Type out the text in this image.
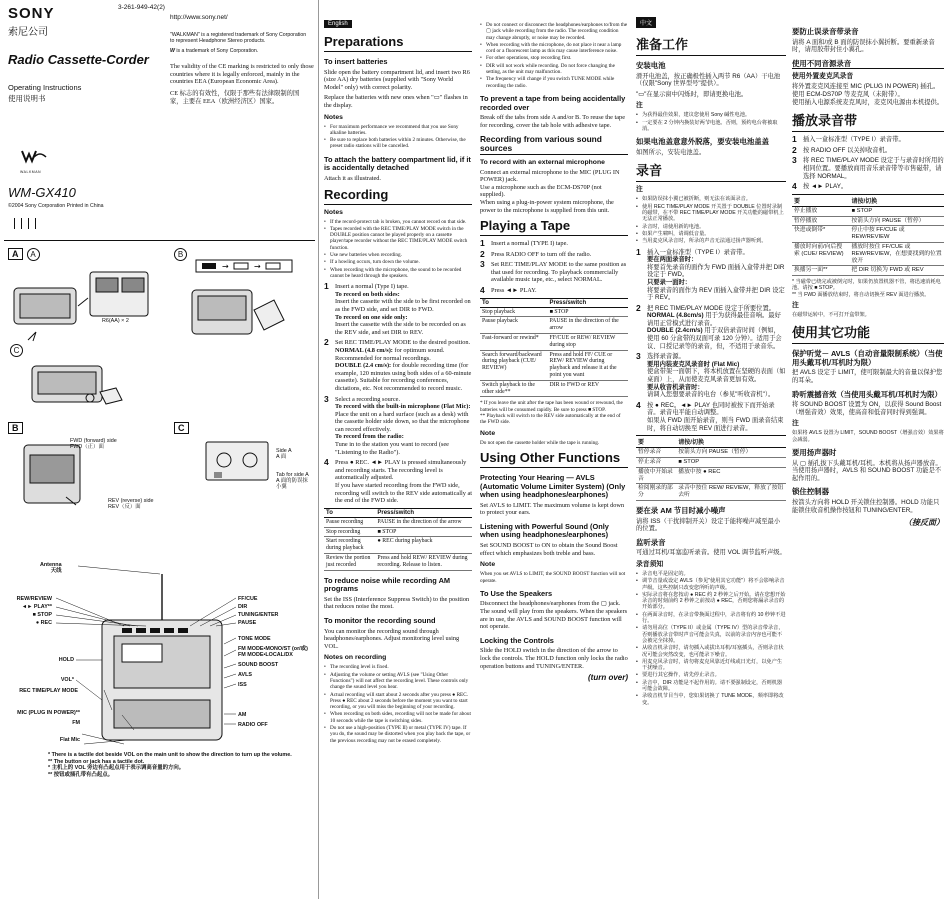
SONY
索尼公司
Radio Cassette-Corder
Operating Instructions
使用说明书
WALKMAN
WM-GX410
©2004 Sony Corporation Printed in China
3-261-949-42(2)
http://www.sony.net/
"WALKMAN" is a registered trademark of Sony Corporation to represent Headphone Stereo products.
W is a trademark of Sony Corporation.
The validity of the CE marking is restricted to only those countries where it is legally enforced, mainly in the countries EEA (European Economic Area).
CE 标志的有效性，仅限于那些有法律限制的国家，主要在 EEA（欧洲经济区）国家。
A A
R6(AA) × 2
B
→	→
C
B
FWD (forward) side
FWD（正）面
REV (reverse) side
REV（反）面
C
Side A
A 面
Tab for side A
A 面的防误抹
小翼
Antenna
天线
REW/REVIEW
◄► PLAY**
■ STOP
● REC
HOLD
VOL*
REC TIME/PLAY MODE
MIC (PLUG IN POWER)**
FM
Flat Mic
FF/CUE
DIR
TUNING/ENTER
PAUSE
TONE MODE
FM MODE•MONO/ST (or/或) FM MODE•LOCAL/DX
SOUND BOOST
AVLS
ISS
AM
RADIO OFF
* There is a tactile dot beside VOL on the main unit to show the direction to turn up the volume.
** The button or jack has a tactile dot.
* 主机上的 VOL 旁边有凸起点用于表示调高音量的方向。
** 按钮或插孔带有凸起点。
English
Preparations
To insert batteries

Slide open the battery compartment lid, and insert two R6 (size AA) dry batteries (supplied with "Sony World Model" only) with correct polarity.

Replace the batteries with new ones when "▭" flashes in the display.

Notes
• For maximum performance we recommend that you use Sony alkaline batteries.
• Be sure to replace both batteries within 2 minutes. Otherwise, the preset radio stations will be cancelled.
To attach the battery compartment lid, if it is accidentally detached

Attach it as illustrated.

Recording
Notes
• If the record-protect tab is broken, you cannot record on that side.
• Tapes recorded with the REC TIME/PLAY MODE switch in the DOUBLE position cannot be played properly on a cassette player/tape recorder without the REC TIME/PLAY MODE switch function.
• Use new batteries when recording.
• If a howling occurs, turn down the volume.
• When recording with the microphone, the sound to be recorded cannot be heard through the speakers.
1 Insert a normal (Type I) tape.
To record on both sides:
Insert the cassette with the side to be first recorded on as the FWD side, and set DIR to FWD.
To record on one side only:
Insert the cassette with the side to be recorded on as the REV side, and set DIR to REV.
2 Set REC TIME/PLAY MODE to the desired position.
NORMAL (4.8 cm/s): for optimum sound. Recommended for normal recordings.
DOUBLE (2.4 cm/s): for double recording time (for example, 120 minutes using both sides of a 60-minute cassette). Suitable for recording conferences, dictations, etc. Not recommended to record music.
3 Select a recording source.
To record with the built-in microphone (Flat Mic):
Place the unit on a hard surface (such as a desk) with the cassette holder side down, so that the microphone can record effectively.
To record from the radio:
Tune in to the station you want to record (see "Listening to the Radio").
4 Press ● REC. ◄► PLAY is pressed simultaneously and recording starts. The recording level is automatically adjusted.
If you have started recording from the FWD side, recording will switch to the REV side automatically at the end of the FWD side.
To	Press/switch
Pause recording	PAUSE in the direction of the arrow
Stop recording	■ STOP
Start recording during playback	● REC during playback
Review the portion just recorded	Press and hold REW/ REVIEW during recording. Release to listen.
To reduce noise while recording AM programs

Set the ISS (Interference Suppress Switch) to the position that reduces noise the most.

To monitor the recording sound

You can monitor the recording sound through headphones/earphones. Adjust monitoring level using VOL.

Notes on recording
• The recording level is fixed.
• Adjusting the volume or setting AVLS (see "Using Other Functions") will not affect the recording level. These controls only change the sound level you hear.
• Actual recording will start about 2 seconds after you press ● REC. Press ● REC about 2 seconds before the moment you want to start recording, or you will miss the beginning of your recording.
• When recording on both sides, recording will not be made for about 10 seconds while the tape is switching sides.
• Do not use a high-position (TYPE II) or metal (TYPE IV) tape. If you do, the sound may be distorted when you play back the tape, or the previous recording may not be erased completely.
• Do not connect or disconnect the headphones/earphones to/from the ▢ jack while recording from the radio. The recording condition may change abruptly, or noise may be recorded.
• When recording with the microphone, do not place it near a lamp cord or a fluorescent lamp as this may cause interference noise.
• For other operations, stop recording first.
• DIR will not work while recording. Do not force changing the setting, as the unit may malfunction.
• The frequency will change if you switch TUNE MODE while recording the radio.
To prevent a tape from being accidentally recorded over

Break off the tabs from side A and/or B. To reuse the tape for recording, cover the tab hole with adhesive tape.

Recording from various sound sources
To record with an external microphone

Connect an external microphone to the MIC (PLUG IN POWER) jack.
Use a microphone such as the ECM-DS70P (not supplied).
When using a plug-in-power system microphone, the power to the microphone is supplied from this unit.

Playing a Tape
1 Insert a normal (TYPE I) tape.
2 Press RADIO OFF to turn off the radio.
3 Set REC TIME/PLAY MODE to the same position as that used for recording. To playback commercially available music tape, etc., select NORMAL.
4 Press ◄► PLAY.
To	Press/switch
Stop playback	■ STOP
Pause playback	PAUSE in the direction of the arrow
Fast-forward or rewind*	FF/CUE or REW/ REVIEW during stop
Search forward/backward during playback (CUE/ REVIEW)	Press and hold FF/ CUE or REW/ REVIEW during playback and release it at the point you want
Switch playback to the other side**	DIR to FWD or REV
* If you leave the unit after the tape has been wound or rewound, the batteries will be consumed rapidly. Be sure to press ■ STOP.
** Playback will switch to the REV side automatically at the end of the FWD side.
Note

Do not open the cassette holder while the tape is running.

Using Other Functions
Protecting Your Hearing — AVLS (Automatic Volume Limiter System) (Only when using headphones/earphones)

Set AVLS to LIMIT. The maximum volume is kept down to protect your ears.

Listening with Powerful Sound (Only when using headphones/earphones)

Set SOUND BOOST to ON to obtain the Sound Boost effect which emphasizes both treble and bass.

Note

When you set AVLS to LIMIT, the SOUND BOOST function will not operate.

To Use the Speakers

Disconnect the headphones/earphones from the ▢ jack. The sound will play from the speakers. When the speakers are in use, the AVLS and SOUND BOOST function will not operate.

Locking the Controls

Slide the HOLD switch in the direction of the arrow to lock the controls. The HOLD function only locks the radio operation buttons and TUNING/ENTER.

(turn over)
中文
准备工作
安装电池

滑开电池盖，按正确极性插入两节 R6（AA）干电池（仅限"Sony 世界型号"提供）。

"▭"在显示窗中闪烁时，即请更换电池。

注
• 为获得最佳效果，建议您使用 Sony 碱性电池。
• 一定要在 2 分钟内换装好两节电池。否则，预约电台将被取消。
如果电池盖意意外脱落，要安装电池盖盖

如图所示，安装电池盖。

录音
注
• 如果防误抹小翼已被折断，则无法在该面录音。
• 使用 REC TIME/PLAY MODE 开关置于 DOUBLE 位置时录制的磁带，在不带 REC TIME/PLAY MODE 开关功能的磁带机上无法正常播放。
• 录音时，请使用新的电池。
• 如果产生啸叫，请调低音量。
• 当用麦克风录音时，所录的声音无法通过扬声器听到。
1 插入一盒标准型（TYPE I）录音带。
要在两面录音时：
将要首先录音的面作为 FWD 面插入盒带并把 DIR 设定于 FWD。
只要录一面时：
将要录音的面作为 REV 面插入盒带并把 DIR 设定于 REV。
2 把 REC TIME/PLAY MODE 设定于所要位置。
NORMAL (4.8cm/s) 用于为获得最佳音响。最好请用正常模式进行录音。
DOUBLE (2.4cm/s) 用于双倍录音时间（例如，使用 60 分盒带的双面可录 120 分钟）。适用于会议、口授记录等的录音，但，不适用于录音乐。
3 选择录音源。
要用内装麦克风录音时 (Flat Mic)
使盒带架一面朝下，将本机放置在坚硬的表面（如桌面）上，从而使麦克风录音更加有效。
要从收音机录音时：
请调入您想要录音的电台（参见"听收音机"）。
4 按 ● REC。◄► PLAY 也同时被按下而开始录音。录音电平能自动调整。
如果从 FWD 面开始录音，则当 FWD 面录音结束时，将自动切换至 REV 面进行录音。
要	请按/切换
暂停录音	按箭头方向 PAUSE（暂停）
停止录音	■ STOP
播放中开始录音	播放中按 ● REC
检阅刚录的部分	录音中按住 REW/ REVIEW，释放了按钮去听
要在录 AM 节目时减小噪声

请将 ISS（干扰抑制开关）设定于能将噪声减至最小的位置。

监听录音

可通过耳机/耳塞监听录音。使用 VOL 调节监听声级。

录音须知
• 录音电平是固定的。
• 调节音量或设定 AVLS（参见"使用其它功能"）将不会影响录音声级。这些控制只改变您所听的声级。
• 实际录音将在您按动 ● REC 约 2 秒钟之后开始。请在您想开始录音的时刻前约 2 秒钟之前按动 ● REC，否则您将漏录录音的开始部分。
• 在两面录音时，在录音带换面过程中，录音将有约 10 秒钟不进行。
• 请勿用高位（TYPE II）或金属（TYPE IV）型的录音带录音，否则播放录音带时声音可能会失真，以前的录音内容也可能不会被完全抹掉。
• 从收音机录音时，请勿插入或拔出耳机/耳塞插头，否则录音状况可能会突然改变，也可能录下噪音。
• 用麦克风录音时，请勿将麦克风靠近灯线或日光灯，以免产生干扰噪音。
• 要进行其它操作，请先停止录音。
• 录音中，DIR 功能是不起作用的。请不要强制设定，否则机器可能会故障。
• 录收音机节目当中，您如果切换了 TUNE MODE，频率即将改变。
要防止误录音带录音

请将 A 面和/或 B 面的防误抹小翼折断。要重新录音时，请用胶带封住小翼孔。

使用不同音源录音
使用外置麦克风录音

将外置麦克风连接至 MIC (PLUG IN POWER) 插孔。
使用 ECM-DS70P 等麦克风（未附带）。
使用插入电源系统麦克风时，麦克风电源由本机提供。

播放录音带
1 插入一盒标准型（TYPE I）录音带。
2 按 RADIO OFF 以关掉收音机。
3 将 REC TIME/PLAY MODE 设定于与录音时所用的相同位置。要播放商用音乐录音带等市售磁带，请选择 NORMAL。
4 按 ◄► PLAY。
要	请按/切换
停止播放	■ STOP
暂停播放	按箭头方向 PAUSE（暂停）
快进或倒带*	停止中按 FF/CUE 或 REW/REVIEW
播放时向前/向后搜索 (CUE/ REVIEW)	播放时按住 FF/CUE 或 REW/REVIEW，在想要找到的位置放开
换播另一面**	把 DIR 切换为 FWD 或 REV
* 当磁带已绕完或被倒完时，如果仍放置机器不管，将迅速消耗电池。请按 ■ STOP。
** 当 FWD 面播放结束时，将自动切换至 REV 面进行播放。
注

在磁带运转中，不可打开盒带架。

使用其它功能
保护听觉－ AVLS（自动音量限制系统）（当使用头戴耳机/耳机时为限）

把 AVLS 设定于 LIMIT，使可限制最大的音量以保护您的耳朵。

聆听震撼音效（当使用头戴耳机/耳机时为限）

将 SOUND BOOST 设置为 ON，以获得 Sound Boost（增强音效）效果，使高音和低音同时得到强调。

注

如果将 AVLS 设置为 LIMIT，SOUND BOOST（增强音效）效果将会减弱。

要用扬声器时

从 ▢ 插孔拔下头戴耳机/耳机。本机将从扬声器放音。
当使用扬声器时，AVLS 和 SOUND BOOST 功能是不起作用的。

锁住控制器

按箭头方向将 HOLD 开关锁住控制器。HOLD 功能只能锁住收音机操作按钮和 TUNING/ENTER。

（接反面）
